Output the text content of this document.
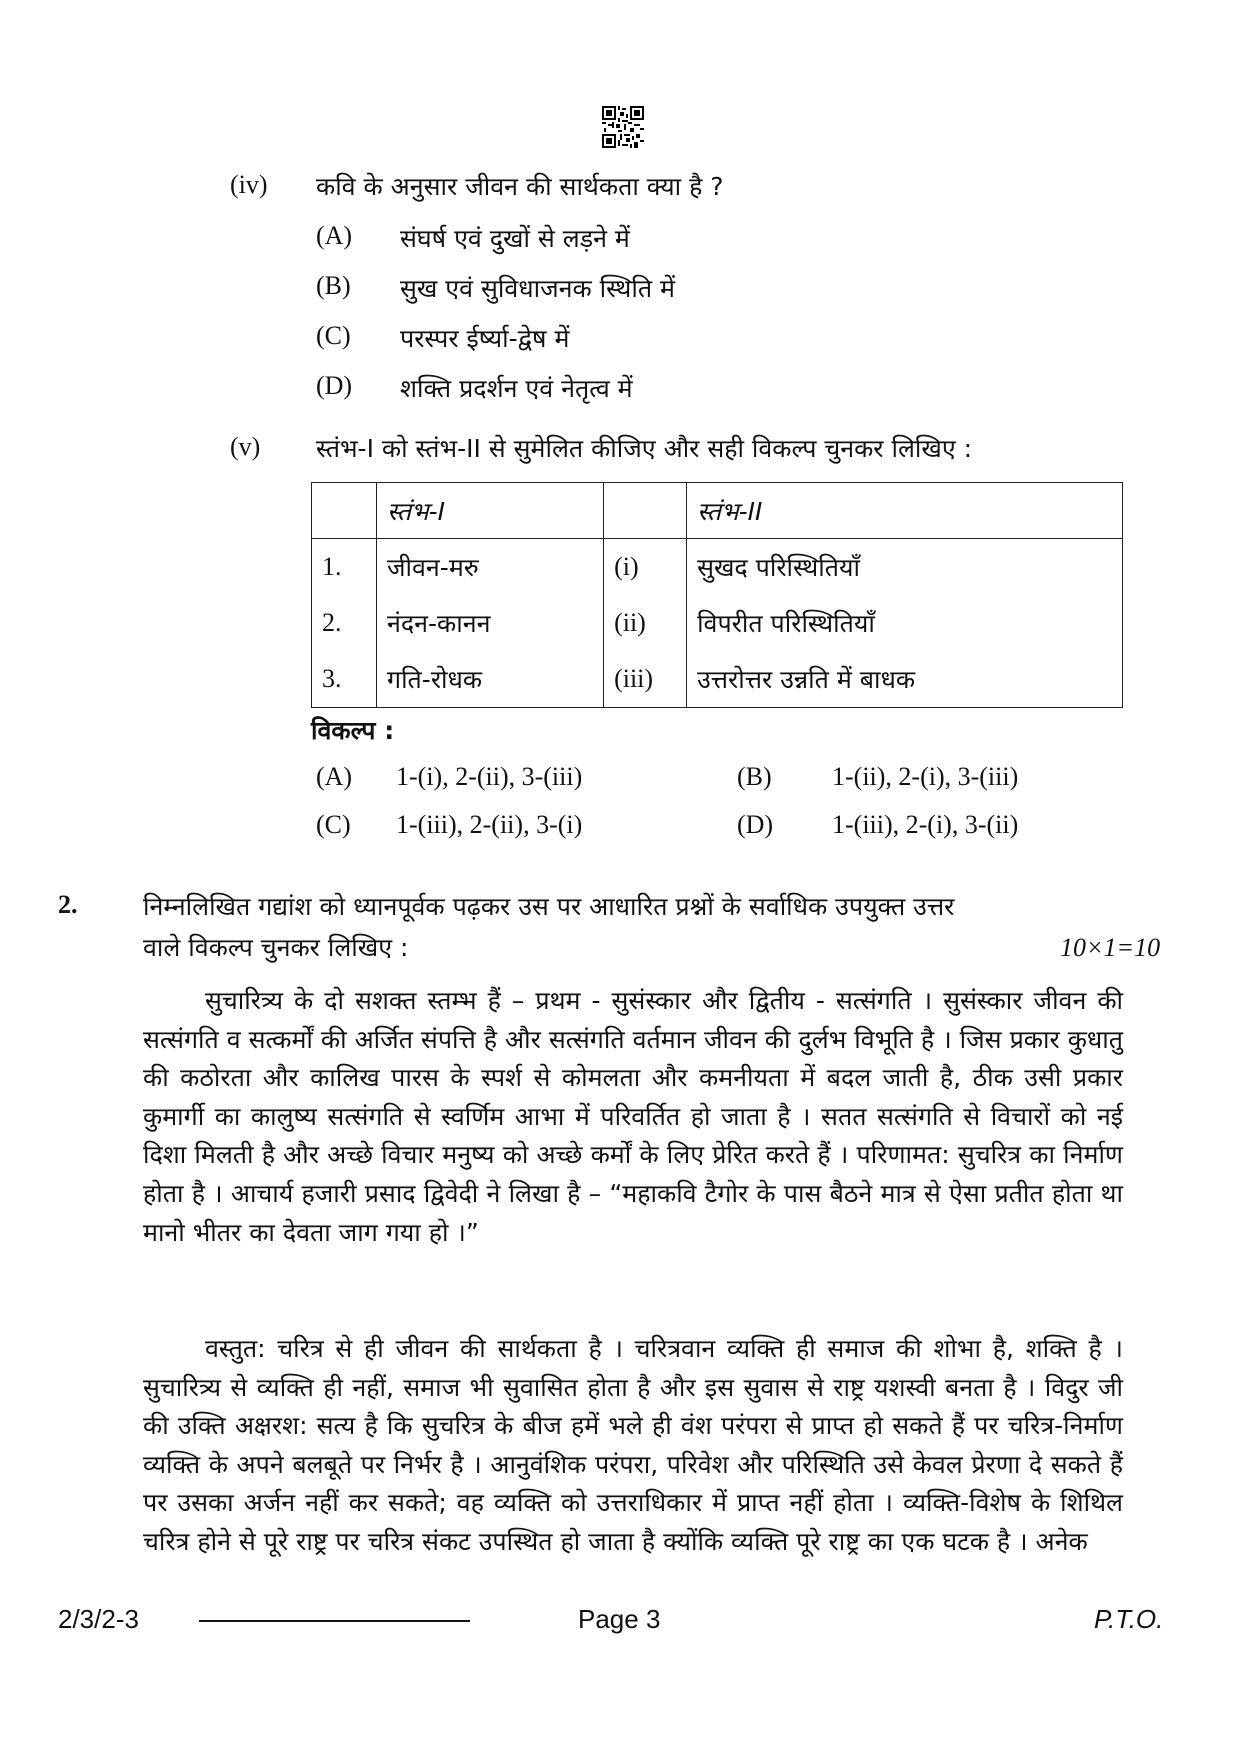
(iv) कवि के अनुसार जीवन की सार्थकता क्या है ?
(A) संघर्ष एवं दुखों से लड़ने में
(B) सुख एवं सुविधाजनक स्थिति में
(C) परस्पर ईर्ष्या-द्वेष में
(D) शक्ति प्रदर्शन एवं नेतृत्व में
(v) स्तंभ-I को स्तंभ-II से सुमेलित कीजिए और सही विकल्प चुनकर लिखिए :
	स्तंभ-I		स्तंभ-II
1.	जीवन-मरु	(i)	सुखद परिस्थितियाँ
2.	नंदन-कानन	(ii)	विपरीत परिस्थितियाँ
3.	गति-रोधक	(iii)	उत्तरोत्तर उन्नति में बाधक
विकल्प :
(A) 1-(i), 2-(ii), 3-(iii)	(B) 1-(ii), 2-(i), 3-(iii)
(C) 1-(iii), 2-(ii), 3-(i)	(D) 1-(iii), 2-(i), 3-(ii)
2.	निम्नलिखित गद्यांश को ध्यानपूर्वक पढ़कर उस पर आधारित प्रश्नों के सर्वाधिक उपयुक्त उत्तर
वाले विकल्प चुनकर लिखिए :	10×1=10
सुचारित्र्य के दो सशक्त स्तम्भ हैं – प्रथम - सुसंस्कार और द्वितीय - सत्संगति । सुसंस्कार जीवन की सत्संगति व सत्कर्मों की अर्जित संपत्ति है और सत्संगति वर्तमान जीवन की दुर्लभ विभूति है । जिस प्रकार कुधातु की कठोरता और कालिख पारस के स्पर्श से कोमलता और कमनीयता में बदल जाती है, ठीक उसी प्रकार कुमार्गी का कालुष्य सत्संगति से स्वर्णिम आभा में परिवर्तित हो जाता है । सतत सत्संगति से विचारों को नई दिशा मिलती है और अच्छे विचार मनुष्य को अच्छे कर्मों के लिए प्रेरित करते हैं । परिणामत: सुचरित्र का निर्माण होता है । आचार्य हजारी प्रसाद द्विवेदी ने लिखा है – “महाकवि टैगोर के पास बैठने मात्र से ऐसा प्रतीत होता था मानो भीतर का देवता जाग गया हो ।”
वस्तुत: चरित्र से ही जीवन की सार्थकता है । चरित्रवान व्यक्ति ही समाज की शोभा है, शक्ति है । सुचारित्र्य से व्यक्ति ही नहीं, समाज भी सुवासित होता है और इस सुवास से राष्ट्र यशस्वी बनता है । विदुर जी की उक्ति अक्षरश: सत्य है कि सुचरित्र के बीज हमें भले ही वंश परंपरा से प्राप्त हो सकते हैं पर चरित्र-निर्माण व्यक्ति के अपने बलबूते पर निर्भर है । आनुवंशिक परंपरा, परिवेश और परिस्थिति उसे केवल प्रेरणा दे सकते हैं पर उसका अर्जन नहीं कर सकते; वह व्यक्ति को उत्तराधिकार में प्राप्त नहीं होता । व्यक्ति-विशेष के शिथिल चरित्र होने से पूरे राष्ट्र पर चरित्र संकट उपस्थित हो जाता है क्योंकि व्यक्ति पूरे राष्ट्र का एक घटक है । अनेक
2/3/2-3	Page 3	P.T.O.
